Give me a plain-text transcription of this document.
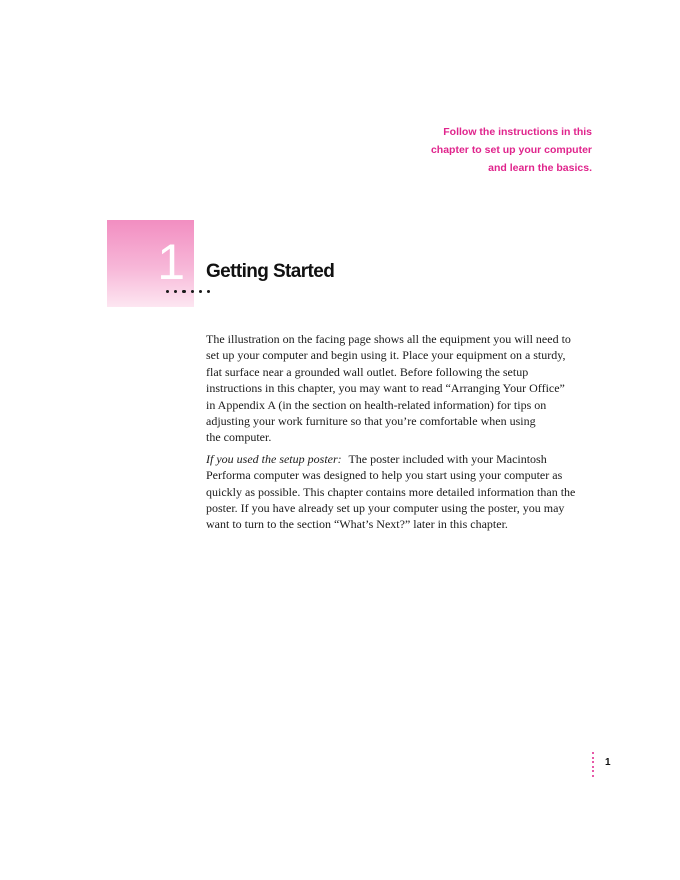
Follow the instructions in this
chapter to set up your computer
and learn the basics.
1 Getting Started

The illustration on the facing page shows all the equipment you will need to
set up your computer and begin using it. Place your equipment on a sturdy,
flat surface near a grounded wall outlet. Before following the setup
instructions in this chapter, you may want to read “Arranging Your Office”
in Appendix A (in the section on health-related information) for tips on
adjusting your work furniture so that you’re comfortable when using
the computer.

If you used the setup poster: The poster included with your Macintosh
Performa computer was designed to help you start using your computer as
quickly as possible. This chapter contains more detailed information than the
poster. If you have already set up your computer using the poster, you may
want to turn to the section “What’s Next?” later in this chapter.

1
